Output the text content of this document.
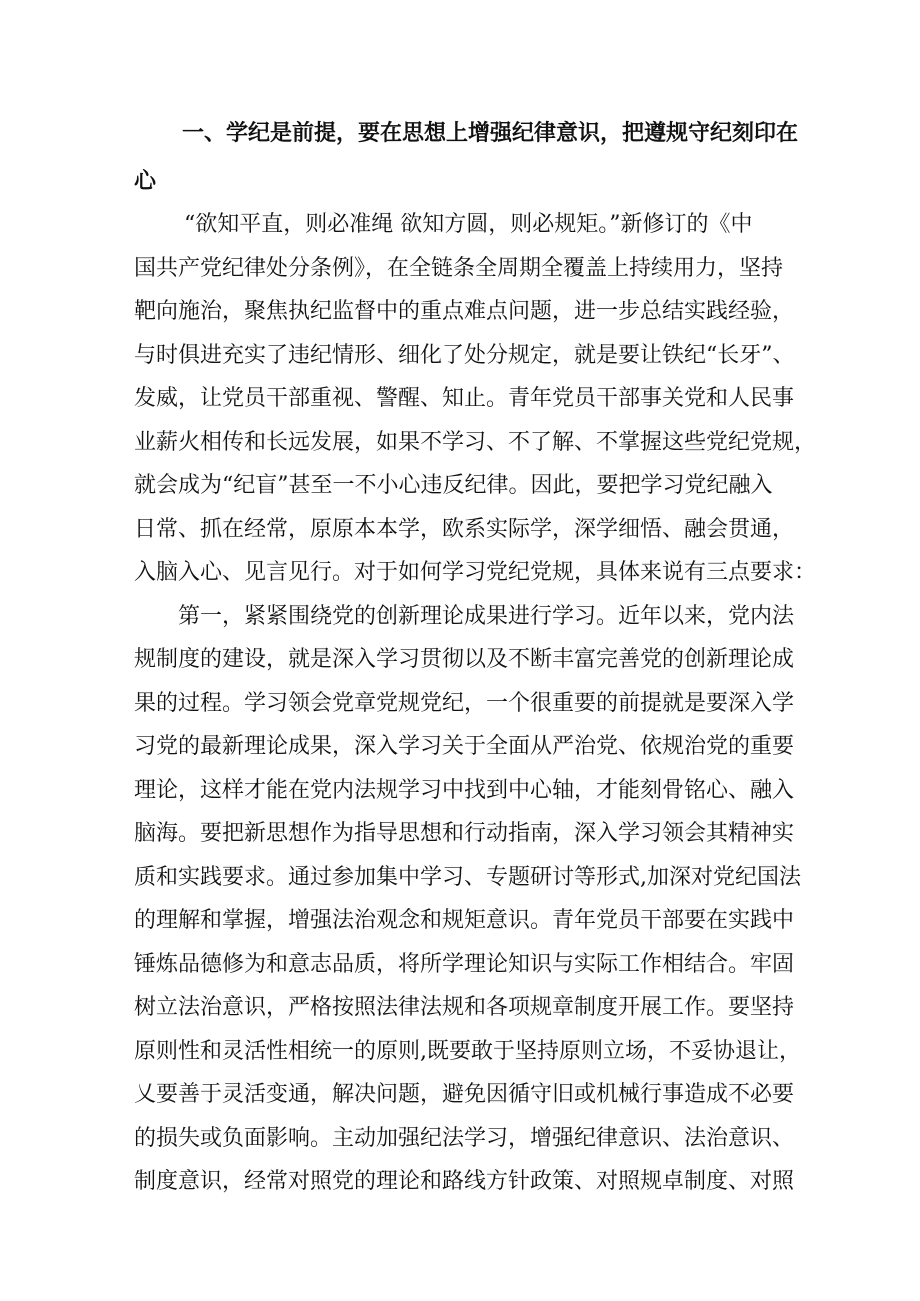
一、学纪是前提，要在思想上增强纪律意识，把遵规守纪刻印在
心
“欲知平直，则必准绳 欲知方圆，则必规矩。”新修订的《中
国共产党纪律处分条例》，在全链条全周期全覆盖上持续用力，坚持
靶向施治，聚焦执纪监督中的重点难点问题，进一步总结实践经验，
与时俱进充实了违纪情形、细化了处分规定，就是要让铁纪“长牙”、
发威，让党员干部重视、警醒、知止。青年党员干部事关党和人民事
业薪火相传和长远发展，如果不学习、不了解、不掌握这些党纪党规，
就会成为“纪盲”甚至一不小心违反纪律。因此，要把学习党纪融入
日常、抓在经常，原原本本学，欧系实际学，深学细悟、融会贯通，
入脑入心、见言见行。对于如何学习党纪党规，具体来说有三点要求：
第一，紧紧围绕党的创新理论成果进行学习。近年以来，党内法
规制度的建设，就是深入学习贯彻以及不断丰富完善党的创新理论成
果的过程。学习领会党章党规党纪，一个很重要的前提就是要深入学
习党的最新理论成果，深入学习关于全面从严治党、依规治党的重要
理论，这样才能在党内法规学习中找到中心轴，才能刻骨铭心、融入
脑海。要把新思想作为指导思想和行动指南，深入学习领会其精神实
质和实践要求。通过参加集中学习、专题研讨等形式,加深对党纪国法
的理解和掌握，增强法治观念和规矩意识。青年党员干部要在实践中
锤炼品德修为和意志品质，将所学理论知识与实际工作相结合。牢固
树立法治意识，严格按照法律法规和各项规章制度开展工作。要坚持
原则性和灵活性相统一的原则,既要敢于坚持原则立场，不妥协退让，
乂要善于灵活变通，解决问题，避免因循守旧或机械行事造成不必要
的损失或负面影响。主动加强纪法学习，增强纪律意识、法治意识、
制度意识，经常对照党的理论和路线方针政策、对照规卓制度、对照
